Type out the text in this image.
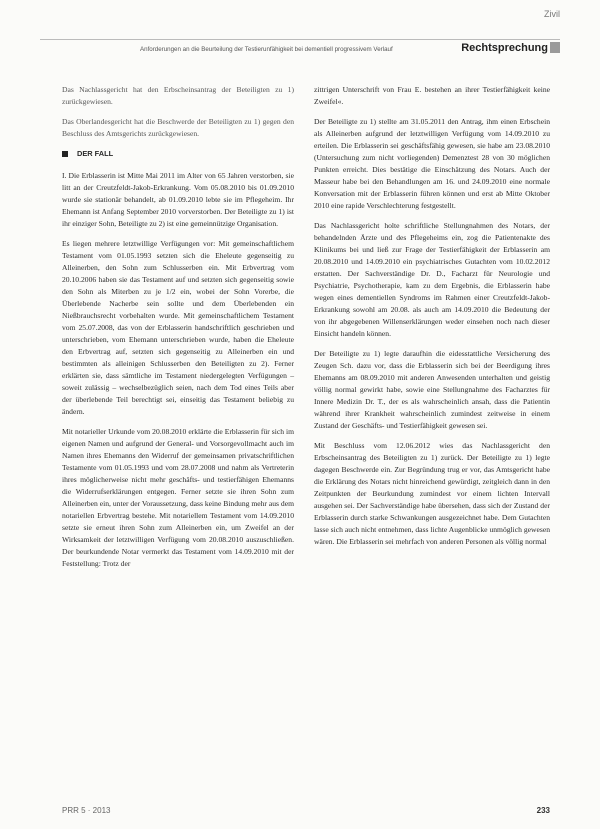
Zivil
Anforderungen an die Beurteilung der Testierunfähigkeit bei dementiell progressivem Verlauf	Rechtsprechung

Das Nachlassgericht hat den Erbscheinsantrag der Beteiligten zu 1) zurückgewiesen.

Das Oberlandesgericht hat die Beschwerde der Beteiligten zu 1) gegen den Beschluss des Amtsgerichts zurückgewiesen.

DER FALL

I. Die Erblasserin ist Mitte Mai 2011 im Alter von 65 Jahren verstorben, sie litt an der Creutzfeldt-Jakob-Erkrankung. Vom 05.08.2010 bis 01.09.2010 wurde sie stationär behandelt, ab 01.09.2010 lebte sie im Pflegeheim. Ihr Ehemann ist Anfang September 2010 vorverstorben. Der Beteiligte zu 1) ist ihr einziger Sohn, Beteiligte zu 2) ist eine gemeinnützige Organisation.

Es liegen mehrere letztwillige Verfügungen vor: Mit gemeinschaftlichem Testament vom 01.05.1993 setzten sich die Eheleute gegenseitig zu Alleinerben, den Sohn zum Schlusserben ein. Mit Erbvertrag vom 20.10.2006 haben sie das Testament auf und setzten sich gegenseitig sowie den Sohn als Miterben zu je 1/2 ein, wobei der Sohn Vorerbe, die Überlebende Nacherbe sein sollte und dem Überlebenden ein Nießbrauchsrecht vorbehalten wurde. Mit gemeinschaftlichem Testament vom 25.07.2008, das von der Erblasserin handschriftlich geschrieben und unterschrieben, vom Ehemann unterschrieben wurde, haben die Eheleute den Erbvertrag auf, setzten sich gegenseitig zu Alleinerben ein und bestimmten als alleinigen Schlusserben den Beteiligten zu 2). Ferner erklärten sie, dass sämtliche im Testament niedergelegten Verfügungen – soweit zulässig – wechselbezüglich seien, nach dem Tod eines Teils aber der überlebende Teil berechtigt sei, einseitig das Testament beliebig zu ändern.

Mit notarieller Urkunde vom 20.08.2010 erklärte die Erblasserin für sich im eigenen Namen und aufgrund der General- und Vorsorgevollmacht auch im Namen ihres Ehemanns den Widerruf der gemeinsamen privatschriftlichen Testamente vom 01.05.1993 und vom 28.07.2008 und nahm als Vertreterin ihres möglicherweise nicht mehr geschäfts- und testierfähigen Ehemanns die Widerrufserklärungen entgegen. Ferner setzte sie ihren Sohn zum Alleinerben ein, unter der Voraussetzung, dass keine Bindung mehr aus dem notariellen Erbvertrag bestehe. Mit notariellem Testament vom 14.09.2010 setzte sie erneut ihren Sohn zum Alleinerben ein, um Zweifel an der Wirksamkeit der letztwilligen Verfügung vom 20.08.2010 auszuschließen. Der beurkundende Notar vermerkt das Testament vom 14.09.2010 mit der Feststellung: Trotz der

zittrigen Unterschrift von Frau E. bestehen an ihrer Testierfähigkeit keine Zweifel«.

Der Beteiligte zu 1) stellte am 31.05.2011 den Antrag, ihm einen Erbschein als Alleinerben aufgrund der letztwilligen Verfügung vom 14.09.2010 zu erteilen. Die Erblasserin sei geschäftsfähig gewesen, sie habe am 23.08.2010 (Untersuchung zum nicht vorliegenden) Demenztest 28 von 30 möglichen Punkten erreicht. Dies bestätige die Einschätzung des Notars. Auch der Masseur habe bei den Behandlungen am 16. und 24.09.2010 eine normale Konversation mit der Erblasserin führen können und erst ab Mitte Oktober 2010 eine rapide Verschlechterung festgestellt.

Das Nachlassgericht holte schriftliche Stellungnahmen des Notars, der behandelnden Ärzte und des Pflegeheims ein, zog die Patientenakte des Klinikums bei und ließ zur Frage der Testierfähigkeit der Erblasserin am 20.08.2010 und 14.09.2010 ein psychiatrisches Gutachten vom 10.02.2012 erstatten. Der Sachverständige Dr. D., Facharzt für Neurologie und Psychiatrie, Psychotherapie, kam zu dem Ergebnis, die Erblasserin habe wegen eines dementiellen Syndroms im Rahmen einer Creutzfeldt-Jakob-Erkrankung sowohl am 20.08. als auch am 14.09.2010 die Bedeutung der von ihr abgegebenen Willenserklärungen weder einsehen noch nach dieser Einsicht handeln können.

Der Beteiligte zu 1) legte daraufhin die eidesstattliche Versicherung des Zeugen Sch. dazu vor, dass die Erblasserin sich bei der Beerdigung ihres Ehemanns am 08.09.2010 mit anderen Anwesenden unterhalten und geistig völlig normal gewirkt habe, sowie eine Stellungnahme des Facharztes für Innere Medizin Dr. T., der es als wahrscheinlich ansah, dass die Patientin während ihrer Krankheit wahrscheinlich zumindest zeitweise in einem Zustand der Geschäfts- und Testierfähigkeit gewesen sei.

Mit Beschluss vom 12.06.2012 wies das Nachlassgericht den Erbscheinsantrag des Beteiligten zu 1) zurück. Der Beteiligte zu 1) legte dagegen Beschwerde ein. Zur Begründung trug er vor, das Amtsgericht habe die Erklärung des Notars nicht hinreichend gewürdigt, zeitgleich dann in den Zeitpunkten der Beurkundung zumindest vor einem lichten Intervall ausgehen sei. Der Sachverständige habe übersehen, dass sich der Zustand der Erblasserin durch starke Schwankungen ausgezeichnet habe. Dem Gutachten lasse sich auch nicht entnehmen, dass lichte Augenblicke unmöglich gewesen wären. Die Erblasserin sei mehrfach von anderen Personen als völlig normal

PRR 5 · 2013	233
